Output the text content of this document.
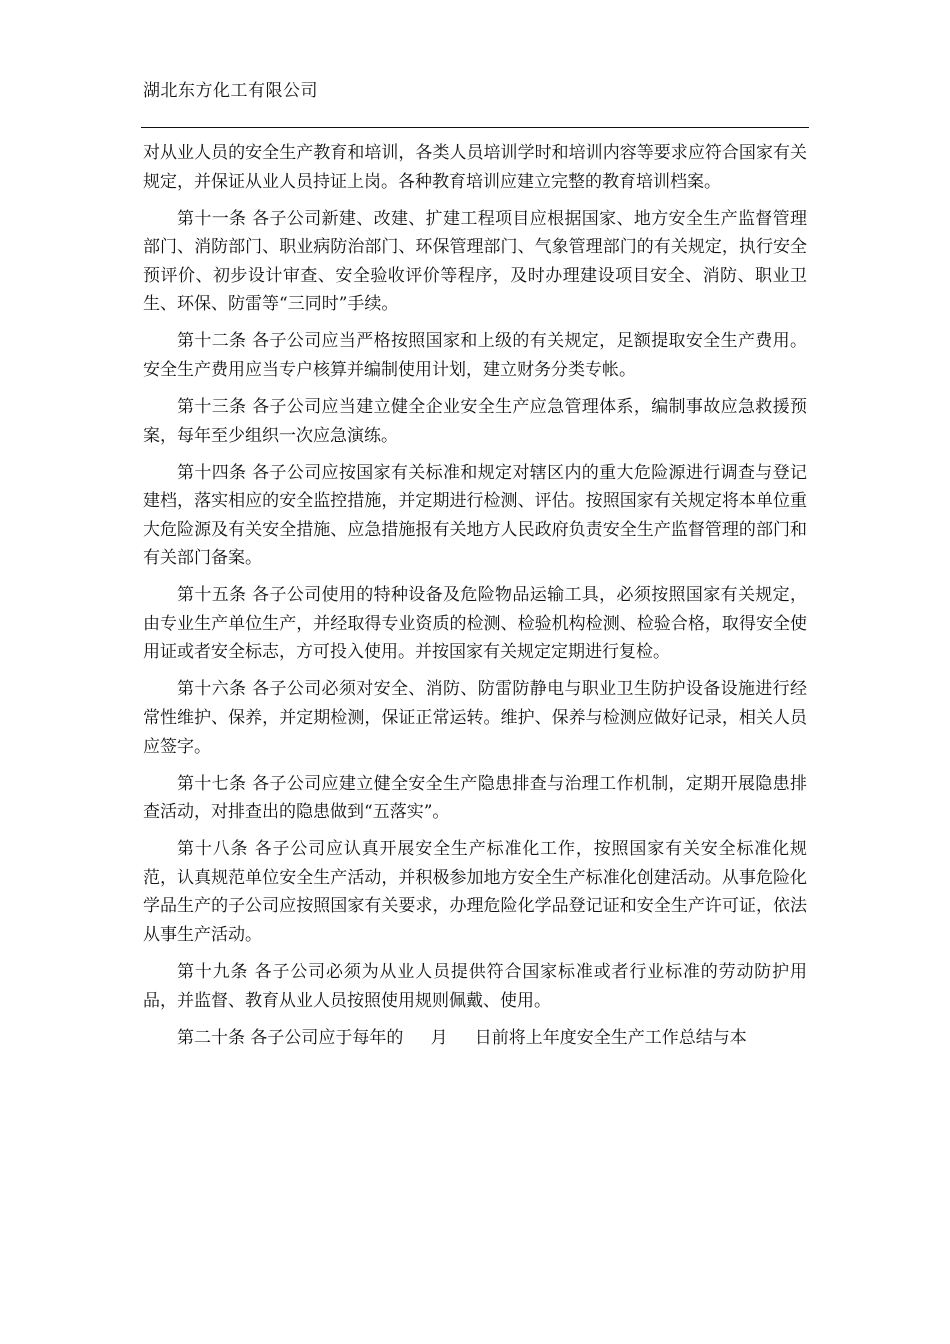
湖北东方化工有限公司

对从业人员的安全生产教育和培训，各类人员培训学时和培训内容等要求应符合国家有关规定，并保证从业人员持证上岗。各种教育培训应建立完整的教育培训档案。

第十一条 各子公司新建、改建、扩建工程项目应根据国家、地方安全生产监督管理部门、消防部门、职业病防治部门、环保管理部门、气象管理部门的有关规定，执行安全预评价、初步设计审查、安全验收评价等程序，及时办理建设项目安全、消防、职业卫生、环保、防雷等“三同时”手续。

第十二条 各子公司应当严格按照国家和上级的有关规定，足额提取安全生产费用。安全生产费用应当专户核算并编制使用计划，建立财务分类专帐。

第十三条 各子公司应当建立健全企业安全生产应急管理体系，编制事故应急救援预案，每年至少组织一次应急演练。

第十四条 各子公司应按国家有关标准和规定对辖区内的重大危险源进行调查与登记建档，落实相应的安全监控措施，并定期进行检测、评估。按照国家有关规定将本单位重大危险源及有关安全措施、应急措施报有关地方人民政府负责安全生产监督管理的部门和有关部门备案。

第十五条 各子公司使用的特种设备及危险物品运输工具，必须按照国家有关规定，由专业生产单位生产，并经取得专业资质的检测、检验机构检测、检验合格，取得安全使用证或者安全标志，方可投入使用。并按国家有关规定定期进行复检。

第十六条 各子公司必须对安全、消防、防雷防静电与职业卫生防护设备设施进行经常性维护、保养，并定期检测，保证正常运转。维护、保养与检测应做好记录，相关人员应签字。

第十七条 各子公司应建立健全安全生产隐患排查与治理工作机制，定期开展隐患排查活动，对排查出的隐患做到“五落实”。

第十八条 各子公司应认真开展安全生产标准化工作，按照国家有关安全标准化规范，认真规范单位安全生产活动，并积极参加地方安全生产标准化创建活动。从事危险化学品生产的子公司应按照国家有关要求，办理危险化学品登记证和安全生产许可证，依法从事生产活动。

第十九条 各子公司必须为从业人员提供符合国家标准或者行业标准的劳动防护用品，并监督、教育从业人员按照使用规则佩戴、使用。

第二十条 各子公司应于每年的 月 日前将上年度安全生产工作总结与本
